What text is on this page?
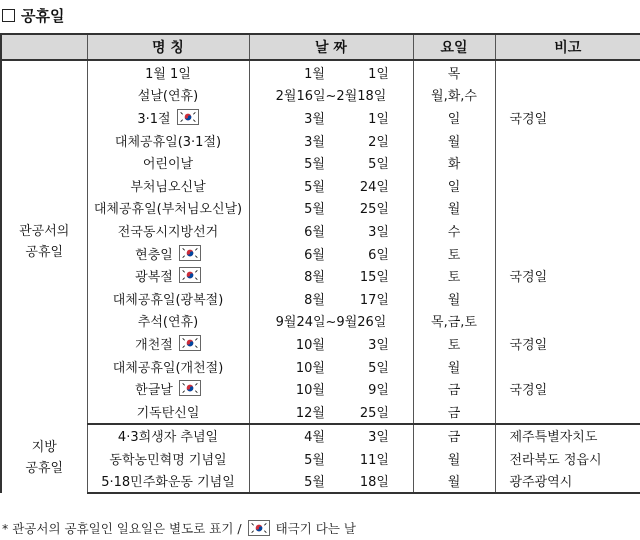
공휴일
	명 칭	날 짜	요일	비고
관공서의
공휴일	1월 1일	1월 1일	목	
	설날(연휴)	2월16일~2월18일	월,화,수	
	3·1절	3월 1일	일	국경일
	대체공휴일(3·1절)	3월 2일	월	
	어린이날	5월 5일	화	
	부처님오신날	5월 24일	일	
	대체공휴일(부처님오신날)	5월 25일	월	
	전국동시지방선거	6월 3일	수	
	현충일	6월 6일	토	
	광복절	8월 15일	토	국경일
	대체공휴일(광복절)	8월 17일	월	
	추석(연휴)	9월24일~9월26일	목,금,토	
	개천절	10월 3일	토	국경일
	대체공휴일(개천절)	10월 5일	월	
	한글날	10월 9일	금	국경일
	기독탄신일	12월 25일	금	
지방
공휴일	4·3희생자 추념일	4월 3일	금	제주특별자치도
	동학농민혁명 기념일	5월 11일	월	전라북도 정읍시
	5·18민주화운동 기념일	5월 18일	월	광주광역시
* 관공서의 공휴일인 일요일은 별도로 표기 /	태극기 다는 날
